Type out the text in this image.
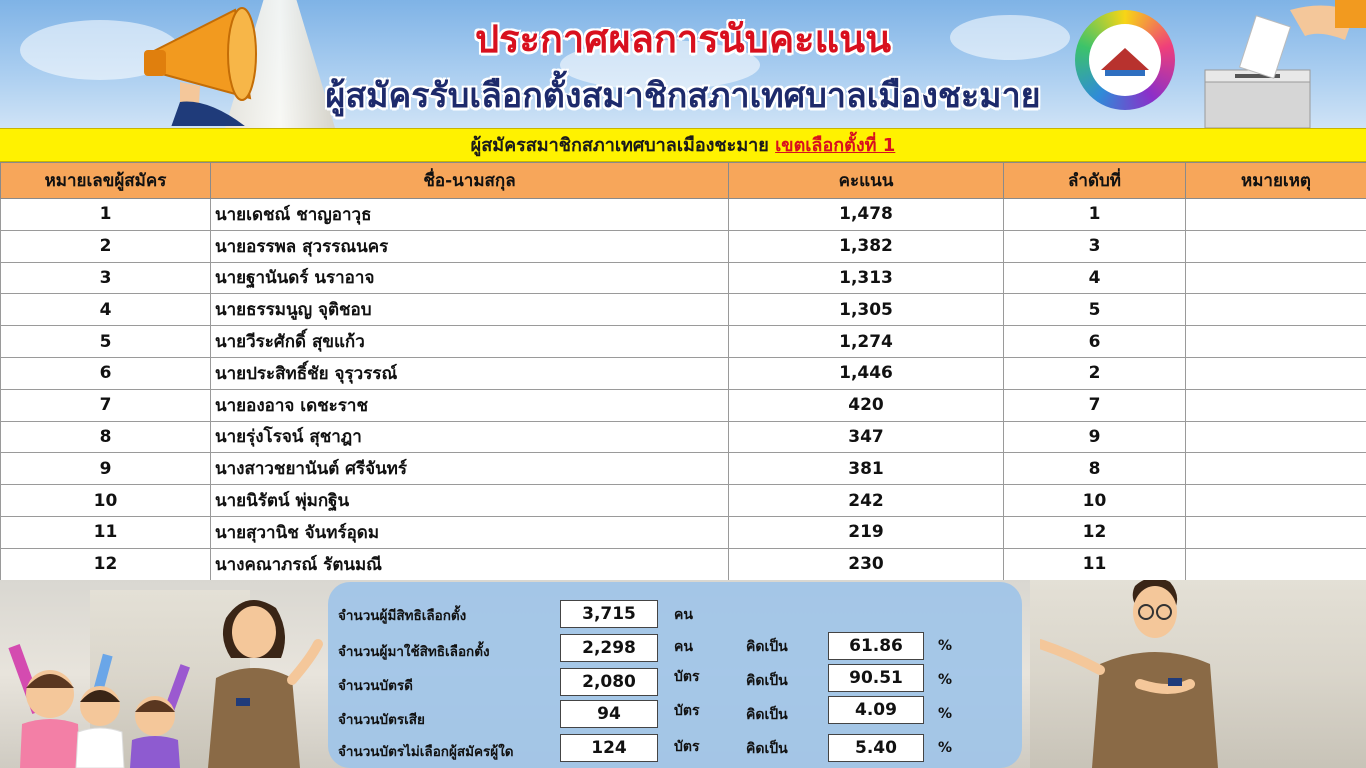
ประกาศผลการนับคะแนน
ผู้สมัครรับเลือกตั้งสมาชิกสภาเทศบาลเมืองชะมาย
ผู้สมัครสมาชิกสภาเทศบาลเมืองชะมาย เขตเลือกตั้งที่ 1
หมายเลขผู้สมัคร	ชื่อ-นามสกุล	คะแนน	ลำดับที่	หมายเหตุ
1	นายเดชณ์ ชาญอาวุธ	1,478	1	
2	นายอรรพล สุวรรณนคร	1,382	3	
3	นายฐานันดร์ นราอาจ	1,313	4	
4	นายธรรมนูญ จุติชอบ	1,305	5	
5	นายวีระศักดิ์ สุขแก้ว	1,274	6	
6	นายประสิทธิ์ชัย จุรุวรรณ์	1,446	2	
7	นายองอาจ เดชะราช	420	7	
8	นายรุ่งโรจน์ สุชาฎา	347	9	
9	นางสาวชยานันต์ ศรีจันทร์	381	8	
10	นายนิรัตน์ พุ่มกฐิน	242	10	
11	นายสุวานิช จันทร์อุดม	219	12	
12	นางคณาภรณ์ รัตนมณี	230	11	
จำนวนผู้มีสิทธิเลือกตั้ง	3,715	คน
จำนวนผู้มาใช้สิทธิเลือกตั้ง	2,298	คน	คิดเป็น	61.86	%
จำนวนบัตรดี	2,080	บัตร	คิดเป็น	90.51	%
จำนวนบัตรเสีย	94	บัตร	คิดเป็น	4.09	%
จำนวนบัตรไม่เลือกผู้สมัครผู้ใด	124	บัตร	คิดเป็น	5.40	%
